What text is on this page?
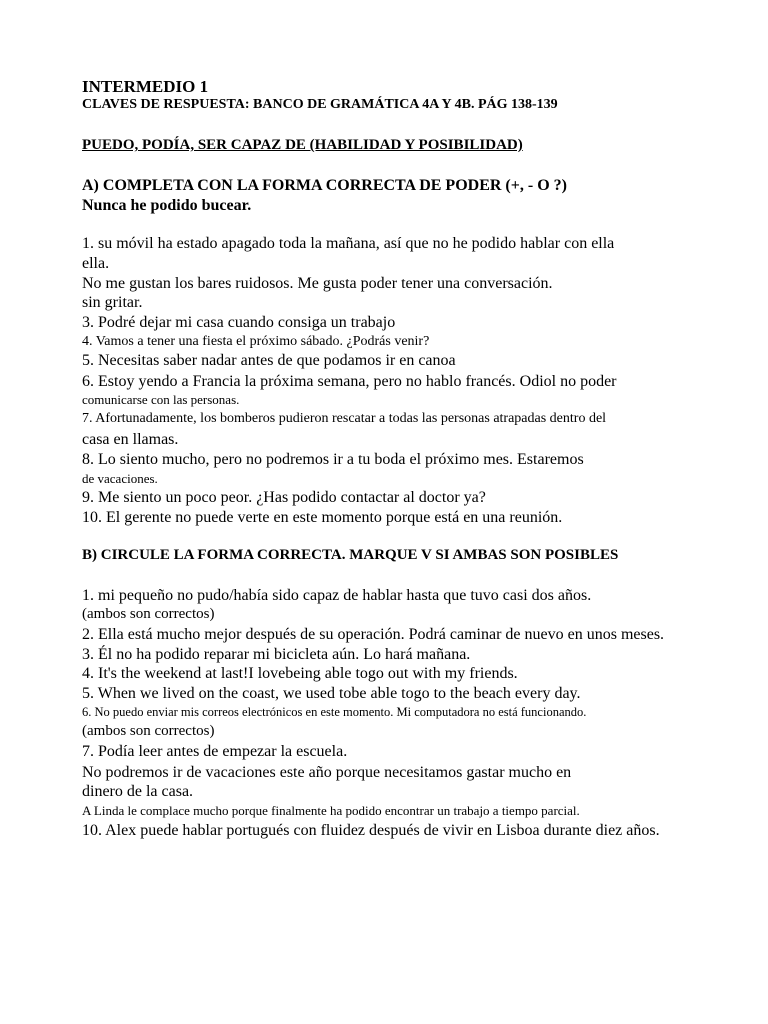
INTERMEDIO 1
CLAVES DE RESPUESTA: BANCO DE GRAMÁTICA 4A Y 4B. PÁG 138-139
PUEDO, PODÍA, SER CAPAZ DE (HABILIDAD Y POSIBILIDAD)
A) COMPLETA CON LA FORMA CORRECTA DE PODER (+, - O ?)
Nunca he podido bucear.
1. su móvil ha estado apagado toda la mañana, así que no he podido hablar con ella
ella.
No me gustan los bares ruidosos. Me gusta poder tener una conversación.
sin gritar.
3. Podré dejar mi casa cuando consiga un trabajo
4. Vamos a tener una fiesta el próximo sábado. ¿Podrás venir?
5. Necesitas saber nadar antes de que podamos ir en canoa
6. Estoy yendo a Francia la próxima semana, pero no hablo francés. Odiol no poder
comunicarse con las personas.
7. Afortunadamente, los bomberos pudieron rescatar a todas las personas atrapadas dentro del
casa en llamas.
8. Lo siento mucho, pero no podremos ir a tu boda el próximo mes. Estaremos
de vacaciones.
9. Me siento un poco peor. ¿Has podido contactar al doctor ya?
10. El gerente no puede verte en este momento porque está en una reunión.
B) CIRCULE LA FORMA CORRECTA. MARQUE V SI AMBAS SON POSIBLES
1. mi pequeño no pudo/había sido capaz de hablar hasta que tuvo casi dos años.
(ambos son correctos)
2. Ella está mucho mejor después de su operación. Podrá caminar de nuevo en unos meses.
3. Él no ha podido reparar mi bicicleta aún. Lo hará mañana.
4. It's the weekend at last!I lovebeing able togo out with my friends.
5. When we lived on the coast, we used tobe able togo to the beach every day.
6. No puedo enviar mis correos electrónicos en este momento. Mi computadora no está funcionando.
(ambos son correctos)
7. Podía leer antes de empezar la escuela.
No podremos ir de vacaciones este año porque necesitamos gastar mucho en
dinero de la casa.
A Linda le complace mucho porque finalmente ha podido encontrar un trabajo a tiempo parcial.
10. Alex puede hablar portugués con fluidez después de vivir en Lisboa durante diez años.
